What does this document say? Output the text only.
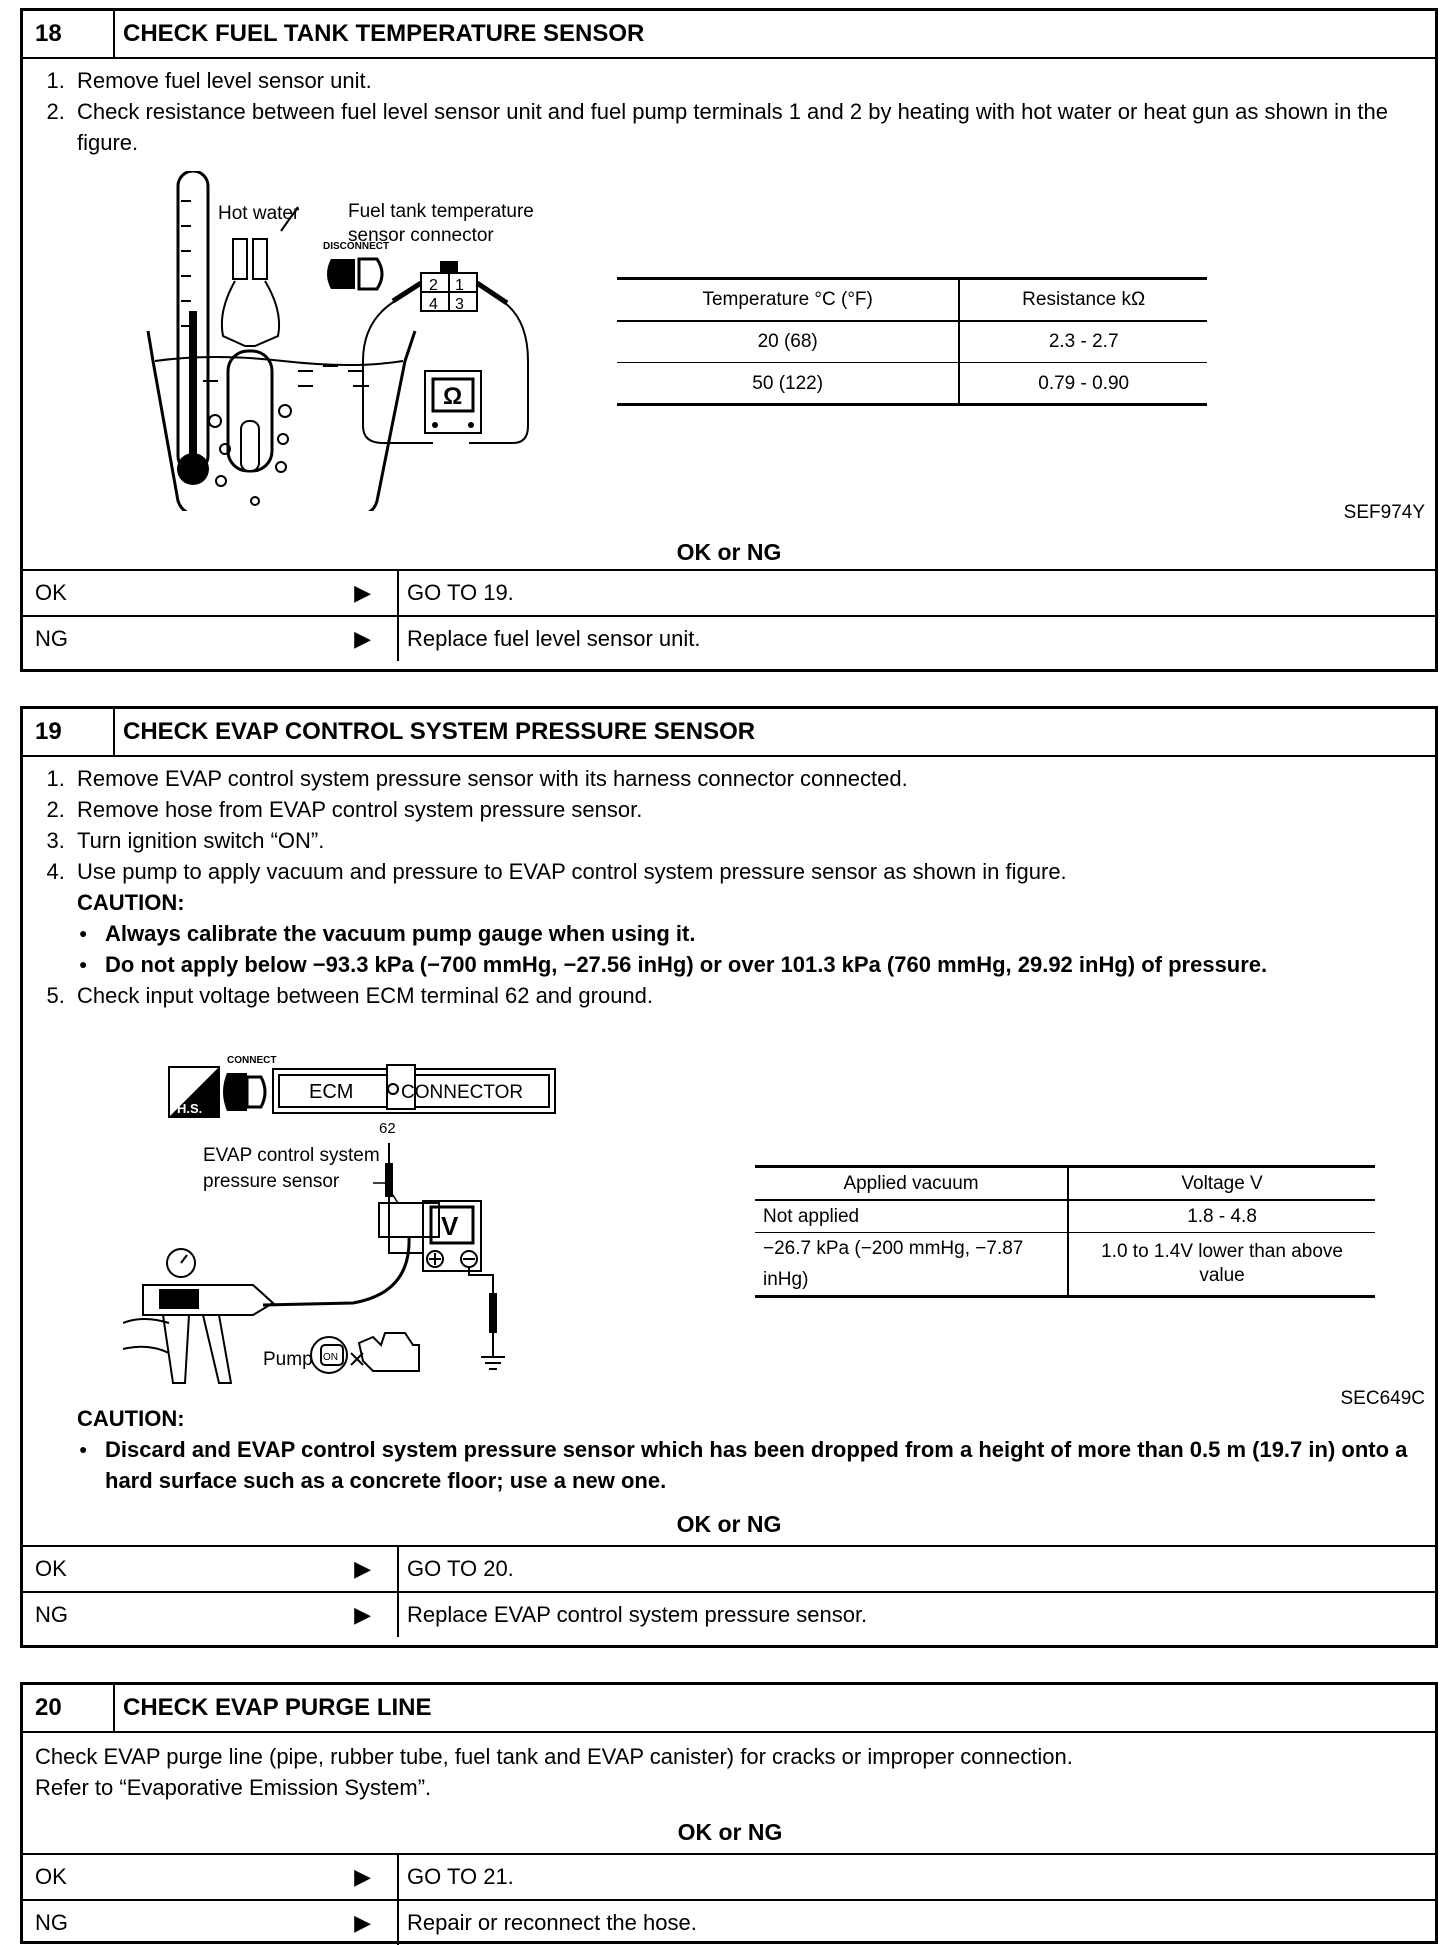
18	CHECK FUEL TANK TEMPERATURE SENSOR
1. Remove fuel level sensor unit.
2. Check resistance between fuel level sensor unit and fuel pump terminals 1 and 2 by heating with hot water or heat gun as shown in the figure.
Hot water
DISCONNECT
Fuel tank temperature
sensor connector
2 1
4 3
Ω
Temperature °C (°F)	Resistance kΩ
20 (68)	2.3 - 2.7
50 (122)	0.79 - 0.90
SEF974Y
OK or NG
OK	▶	GO TO 19.
NG	▶	Replace fuel level sensor unit.
19	CHECK EVAP CONTROL SYSTEM PRESSURE SENSOR
1. Remove EVAP control system pressure sensor with its harness connector connected.
2. Remove hose from EVAP control system pressure sensor.
3. Turn ignition switch “ON”.
4. Use pump to apply vacuum and pressure to EVAP control system pressure sensor as shown in figure.
CAUTION:
● Always calibrate the vacuum pump gauge when using it.
● Do not apply below −93.3 kPa (−700 mmHg, −27.56 inHg) or over 101.3 kPa (760 mmHg, 29.92 inHg) of pressure.
5. Check input voltage between ECM terminal 62 and ground.
H.S.
CONNECT
ECM	CONNECTOR
62
EVAP control system
pressure sensor
V
Pump ON
Applied vacuum	Voltage V
Not applied	1.8 - 4.8
−26.7 kPa (−200 mmHg, −7.87 inHg)	1.0 to 1.4V lower than above value
SEC649C
CAUTION:
● Discard and EVAP control system pressure sensor which has been dropped from a height of more than 0.5 m (19.7 in) onto a hard surface such as a concrete floor; use a new one.
OK or NG
OK	▶	GO TO 20.
NG	▶	Replace EVAP control system pressure sensor.
20	CHECK EVAP PURGE LINE
Check EVAP purge line (pipe, rubber tube, fuel tank and EVAP canister) for cracks or improper connection.
Refer to “Evaporative Emission System”.
OK or NG
OK	▶	GO TO 21.
NG	▶	Repair or reconnect the hose.
